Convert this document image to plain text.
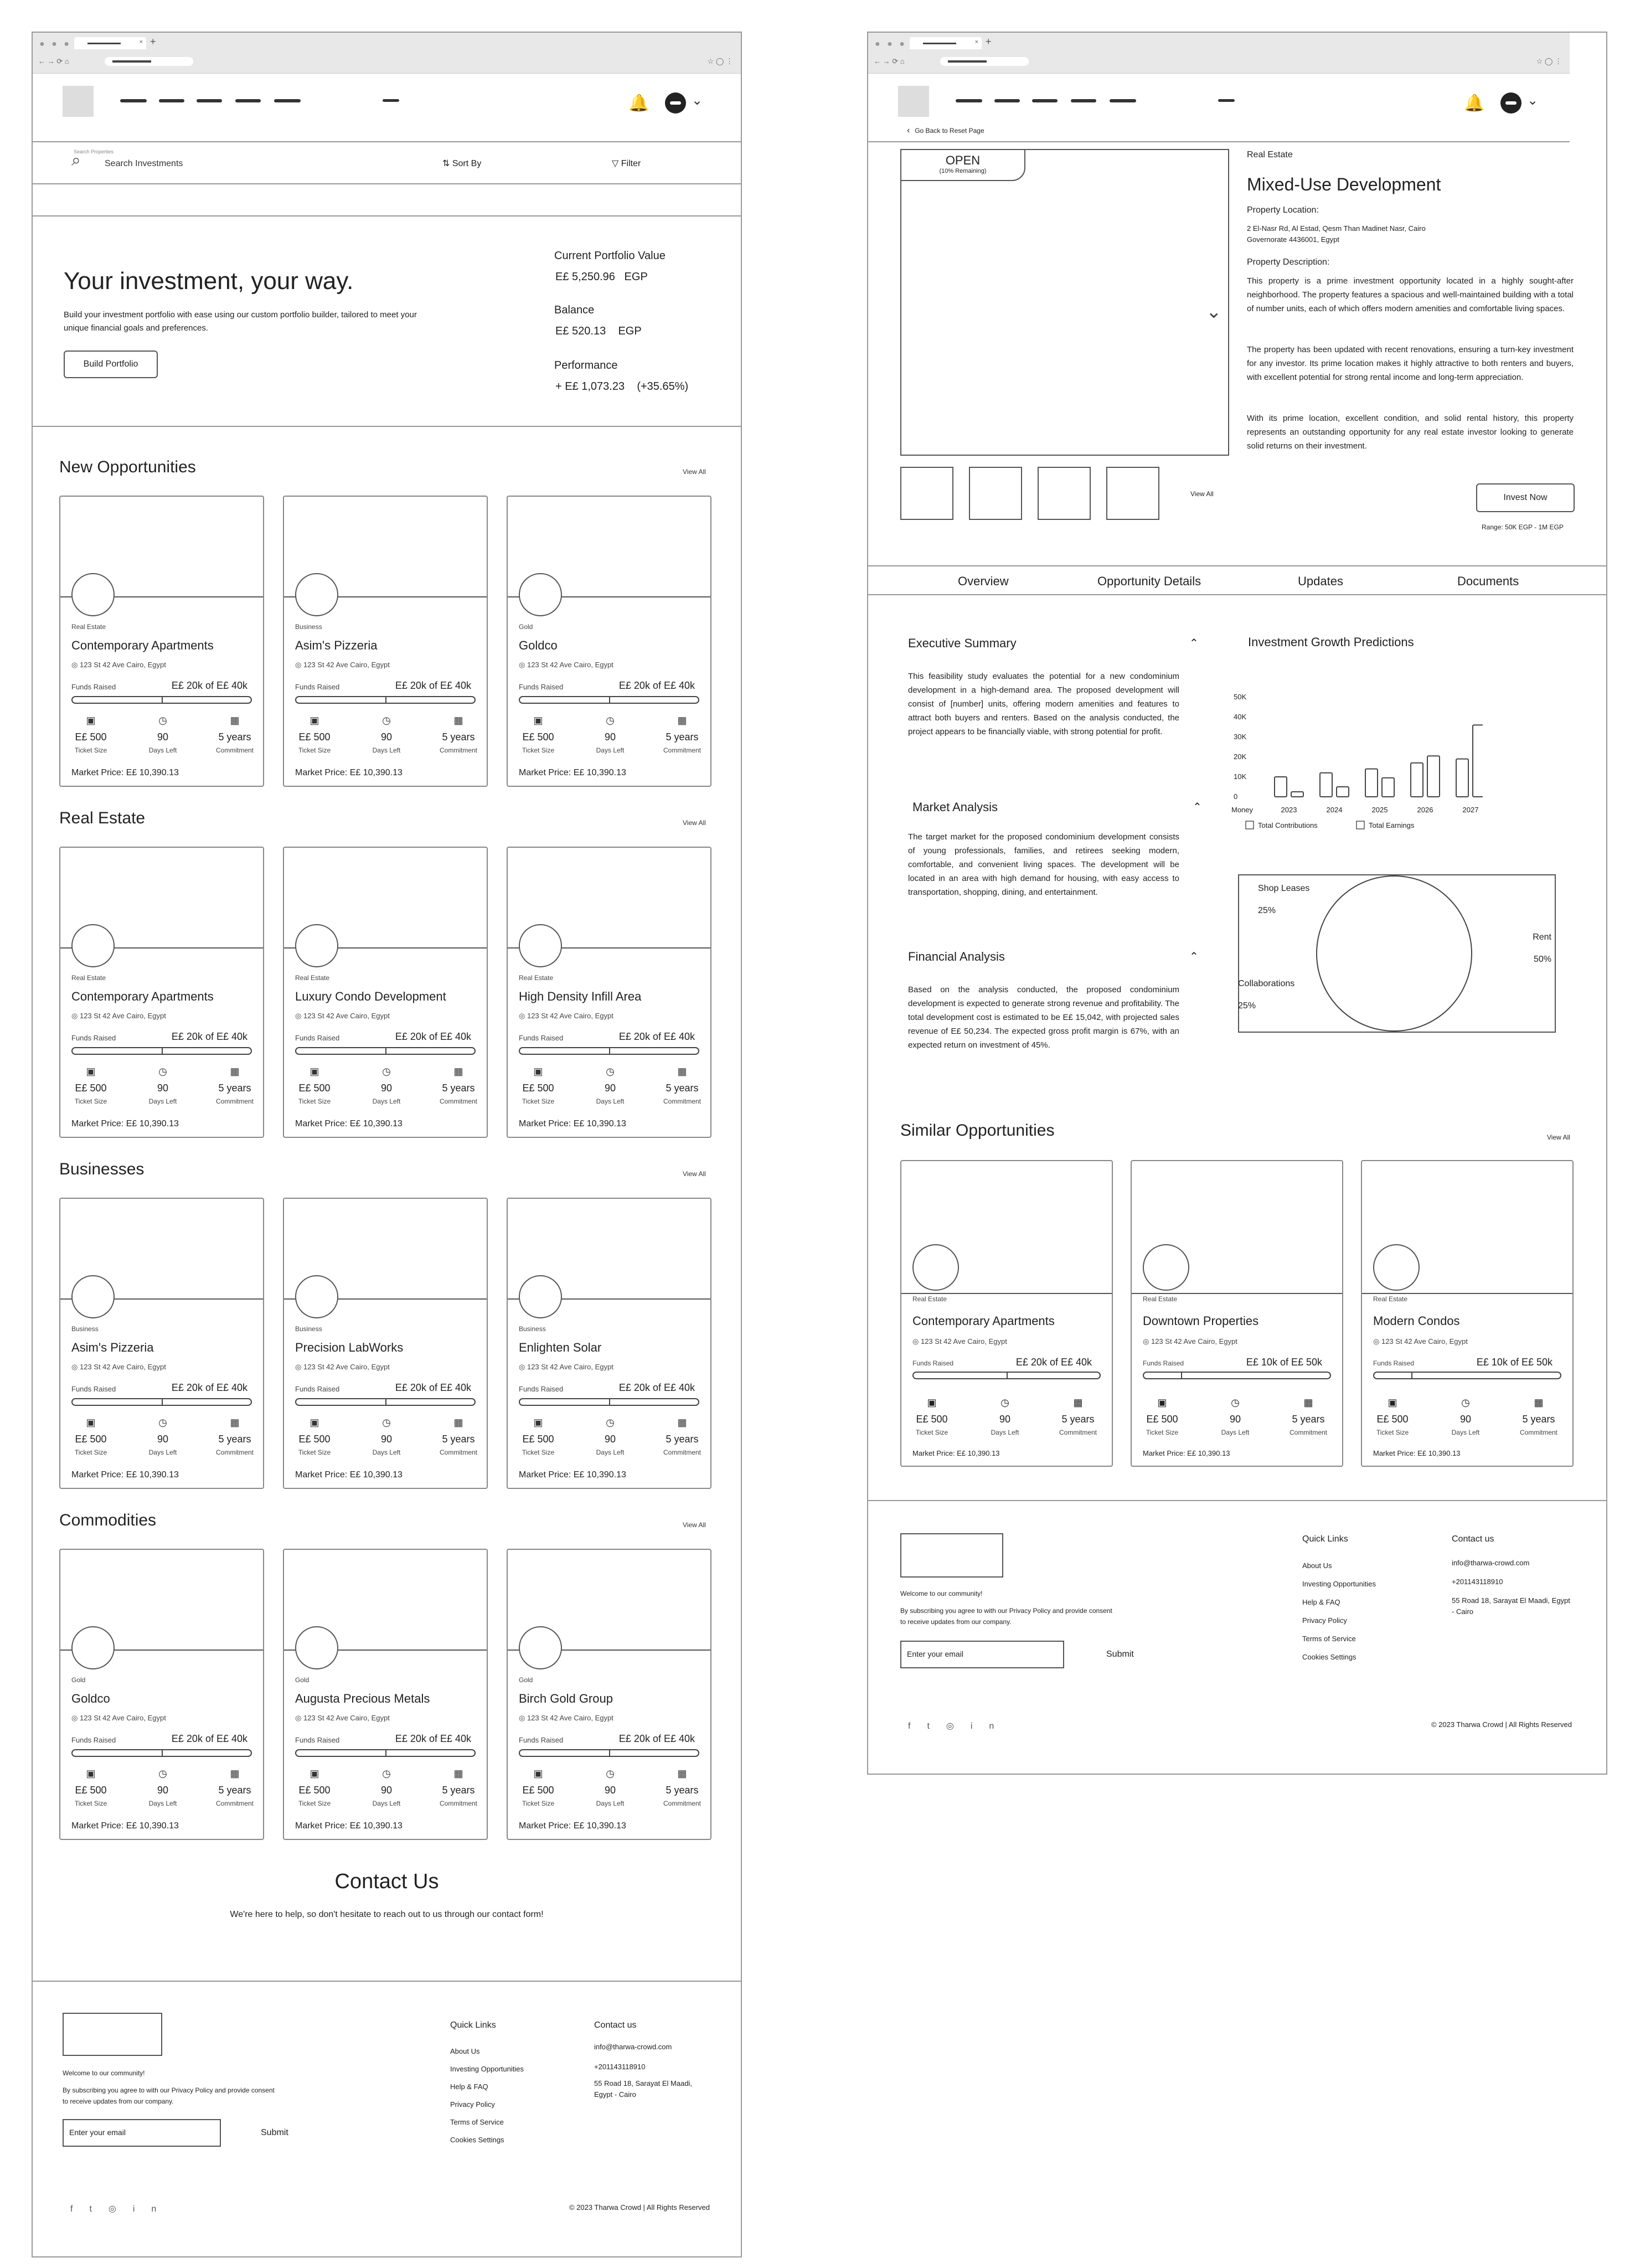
● ● ●	× +
← → ⟳ ⌂	☆ ◯ ⋮
🔔	⌄
⌕
Search Properties
Search Investments	⇅ Sort By	▽ Filter
Your investment, your way.
Build your investment portfolio with ease using our custom portfolio builder, tailored to meet your unique financial goals and preferences.
Build Portfolio
Current Portfolio Value
E£ 5,250.96 EGP
Balance
E£ 520.13 EGP
Performance
+ E£ 1,073.23 (+35.65%)
New Opportunities	View All
Real Estate
Contemporary Apartments
◎ 123 St 42 Ave Cairo, Egypt
Funds Raised	E£ 20k of E£ 40k
▣
E£ 500
Ticket Size
◷
90
Days Left
▦
5 years
Commitment
Market Price: E£ 10,390.13
Business
Asim's Pizzeria
◎ 123 St 42 Ave Cairo, Egypt
Funds Raised	E£ 20k of E£ 40k
▣
E£ 500
Ticket Size
◷
90
Days Left
▦
5 years
Commitment
Market Price: E£ 10,390.13
Gold
Goldco
◎ 123 St 42 Ave Cairo, Egypt
Funds Raised	E£ 20k of E£ 40k
▣
E£ 500
Ticket Size
◷
90
Days Left
▦
5 years
Commitment
Market Price: E£ 10,390.13
Real Estate	View All
Real Estate
Contemporary Apartments
◎ 123 St 42 Ave Cairo, Egypt
Funds Raised	E£ 20k of E£ 40k
▣
E£ 500
Ticket Size
◷
90
Days Left
▦
5 years
Commitment
Market Price: E£ 10,390.13
Real Estate
Luxury Condo Development
◎ 123 St 42 Ave Cairo, Egypt
Funds Raised	E£ 20k of E£ 40k
▣
E£ 500
Ticket Size
◷
90
Days Left
▦
5 years
Commitment
Market Price: E£ 10,390.13
Real Estate
High Density Infill Area
◎ 123 St 42 Ave Cairo, Egypt
Funds Raised	E£ 20k of E£ 40k
▣
E£ 500
Ticket Size
◷
90
Days Left
▦
5 years
Commitment
Market Price: E£ 10,390.13
Businesses	View All
Business
Asim's Pizzeria
◎ 123 St 42 Ave Cairo, Egypt
Funds Raised	E£ 20k of E£ 40k
▣
E£ 500
Ticket Size
◷
90
Days Left
▦
5 years
Commitment
Market Price: E£ 10,390.13
Business
Precision LabWorks
◎ 123 St 42 Ave Cairo, Egypt
Funds Raised	E£ 20k of E£ 40k
▣
E£ 500
Ticket Size
◷
90
Days Left
▦
5 years
Commitment
Market Price: E£ 10,390.13
Business
Enlighten Solar
◎ 123 St 42 Ave Cairo, Egypt
Funds Raised	E£ 20k of E£ 40k
▣
E£ 500
Ticket Size
◷
90
Days Left
▦
5 years
Commitment
Market Price: E£ 10,390.13
Commodities	View All
Gold
Goldco
◎ 123 St 42 Ave Cairo, Egypt
Funds Raised	E£ 20k of E£ 40k
▣
E£ 500
Ticket Size
◷
90
Days Left
▦
5 years
Commitment
Market Price: E£ 10,390.13
Gold
Augusta Precious Metals
◎ 123 St 42 Ave Cairo, Egypt
Funds Raised	E£ 20k of E£ 40k
▣
E£ 500
Ticket Size
◷
90
Days Left
▦
5 years
Commitment
Market Price: E£ 10,390.13
Gold
Birch Gold Group
◎ 123 St 42 Ave Cairo, Egypt
Funds Raised	E£ 20k of E£ 40k
▣
E£ 500
Ticket Size
◷
90
Days Left
▦
5 years
Commitment
Market Price: E£ 10,390.13
Contact Us
We're here to help, so don't hesitate to reach out to us through our contact form!
Welcome to our community!
By subscribing you agree to with our Privacy Policy and provide consent to receive updates from our company.
Enter your email	Submit
Quick Links
About Us
Investing Opportunities
Help & FAQ
Privacy Policy
Terms of Service
Cookies Settings
Contact us
info@tharwa-crowd.com
+201143118910
55 Road 18, Sarayat El Maadi, Egypt - Cairo
ft◎in	© 2023 Tharwa Crowd | All Rights Reserved
● ● ●	× +
← → ⟳ ⌂	☆ ◯ ⋮
🔔	⌄
‹  Go Back to Reset Page
OPEN
(10% Remaining)
⌄
View All
Real Estate
Mixed-Use Development
Property Location:
2 El-Nasr Rd, Al Estad, Qesm Than Madinet Nasr, Cairo Governorate 4436001, Egypt
Property Description:
This property is a prime investment opportunity located in a highly sought-after neighborhood. The property features a spacious and well-maintained building with a total of number units, each of which offers modern amenities and comfortable living spaces.
The property has been updated with recent renovations, ensuring a turn-key investment for any investor. Its prime location makes it highly attractive to both renters and buyers, with excellent potential for strong rental income and long-term appreciation.
With its prime location, excellent condition, and solid rental history, this property represents an outstanding opportunity for any real estate investor looking to generate solid returns on their investment.
Invest Now
Range: 50K EGP - 1M EGP
Overview	Opportunity Details	Updates	Documents
Executive Summary	⌃
This feasibility study evaluates the potential for a new condominium development in a high-demand area. The proposed development will consist of [number] units, offering modern amenities and features to attract both buyers and renters. Based on the analysis conducted, the project appears to be financially viable, with strong potential for profit.
Market Analysis	⌃
The target market for the proposed condominium development consists of young professionals, families, and retirees seeking modern, comfortable, and convenient living spaces. The development will be located in an area with high demand for housing, with easy access to transportation, shopping, dining, and entertainment.
Financial Analysis	⌃
Based on the analysis conducted, the proposed condominium development is expected to generate strong revenue and profitability. The total development cost is estimated to be E£ 15,042, with projected sales revenue of E£ 50,234. The expected gross profit margin is 67%, with an expected return on investment of 45%.
Investment Growth Predictions
0
10K
20K
30K
40K
50K
Money	2023	2024	2025	2026	2027
Total Contributions	Total Earnings
Shop Leases
25%
Rent
50%
Collaborations
25%
Similar Opportunities	View All
Real Estate
Contemporary Apartments
◎ 123 St 42 Ave Cairo, Egypt
Funds Raised	E£ 20k of E£ 40k
▣
E£ 500
Ticket Size
◷
90
Days Left
▦
5 years
Commitment
Market Price: E£ 10,390.13
Real Estate
Downtown Properties
◎ 123 St 42 Ave Cairo, Egypt
Funds Raised	E£ 10k of E£ 50k
▣
E£ 500
Ticket Size
◷
90
Days Left
▦
5 years
Commitment
Market Price: E£ 10,390.13
Real Estate
Modern Condos
◎ 123 St 42 Ave Cairo, Egypt
Funds Raised	E£ 10k of E£ 50k
▣
E£ 500
Ticket Size
◷
90
Days Left
▦
5 years
Commitment
Market Price: E£ 10,390.13
Welcome to our community!
By subscribing you agree to with our Privacy Policy and provide consent to receive updates from our company.
Enter your email	Submit
Quick Links
About Us
Investing Opportunities
Help & FAQ
Privacy Policy
Terms of Service
Cookies Settings
Contact us
info@tharwa-crowd.com
+201143118910
55 Road 18, Sarayat El Maadi, Egypt - Cairo
ft◎in	© 2023 Tharwa Crowd | All Rights Reserved
